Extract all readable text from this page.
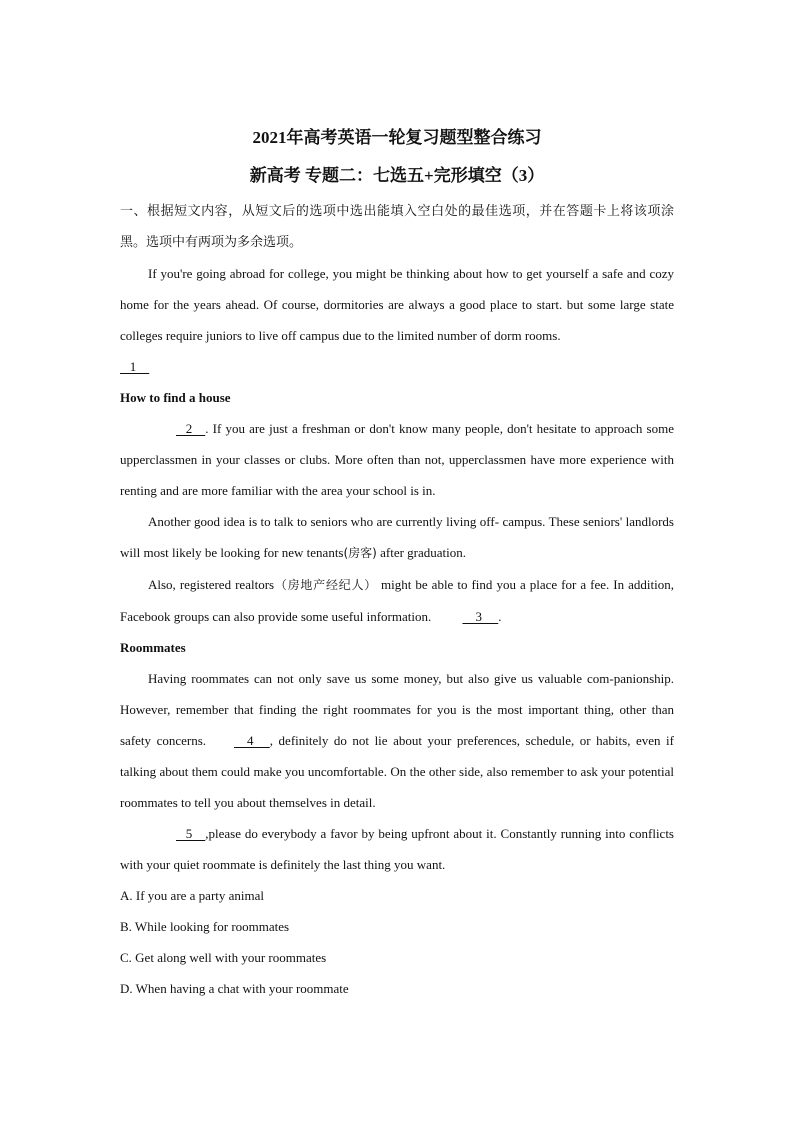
2021年高考英语一轮复习题型整合练习

新高考 专题二：七选五+完形填空（3）

一、根据短文内容，从短文后的选项中选出能填入空白处的最佳选项，并在答题卡上将该项涂黑。选项中有两项为多余选项。

If you're going abroad for college, you might be thinking about how to get yourself a safe and cozy home for the years ahead. Of course, dormitories are always a good place to start. but some large state colleges require juniors to live off campus due to the limited number of dorm rooms.

1

How to find a house

2    . If you are just a freshman or don't know many people, don't hesitate to approach some upperclassmen in your classes or clubs. More often than not, upperclassmen have more experience with renting and are more familiar with the area your school is in.

Another good idea is to talk to seniors who are currently living off- campus. These seniors' landlords will most likely be looking for new tenants(房客) after graduation.

Also, registered realtors（房地产经纪人） might be able to find you a place for a fee. In addition, Facebook groups can also provide some useful information.     3     .

Roommates

Having roommates can not only save us some money, but also give us valuable com-panionship. However, remember that finding the right roommates for you is the most important thing, other than safety concerns.    4     , definitely do not lie about your preferences, schedule, or habits, even if talking about them could make you uncomfortable. On the other side, also remember to ask your potential roommates to tell you about themselves in detail.

5    ,please do everybody a favor by being upfront about it. Constantly running into conflicts with your quiet roommate is definitely the last thing you want.

A. If you are a party animal

B. While looking for roommates

C. Get along well with your roommates

D. When having a chat with your roommate
